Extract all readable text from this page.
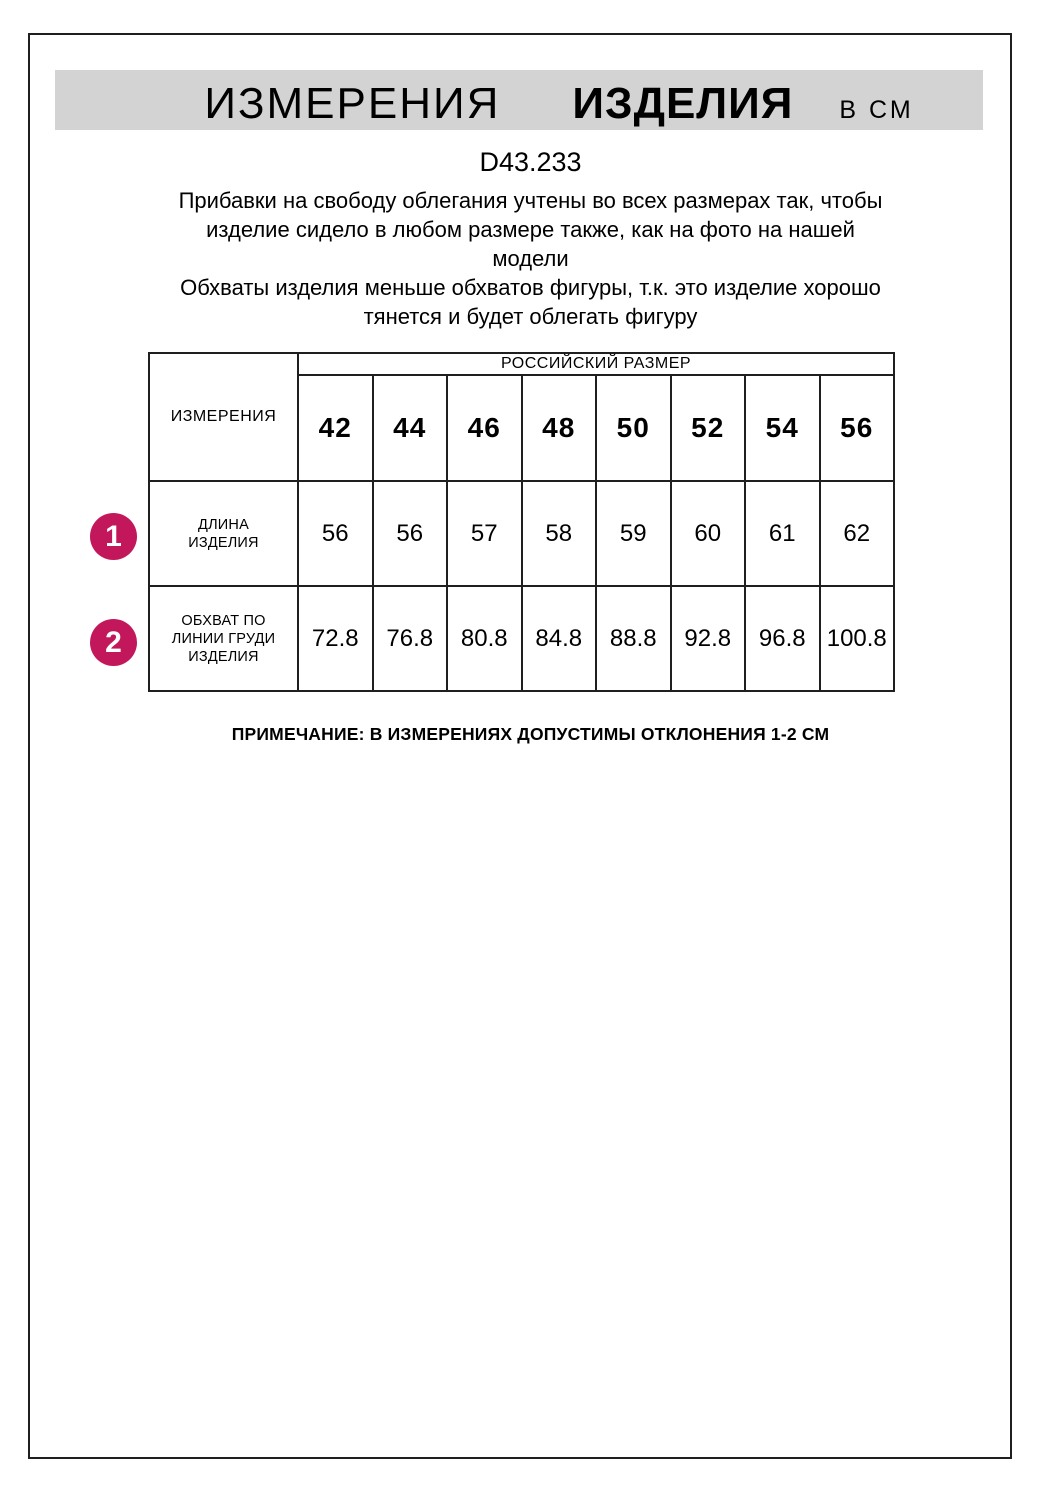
ИЗМЕРЕНИЯ ИЗДЕЛИЯ В СМ
D43.233
Прибавки на свободу облегания учтены во всех размерах так, чтобы
изделие сидело в любом размере также, как на фото на нашей
модели
Обхваты изделия меньше обхватов фигуры, т.к. это изделие хорошо
тянется и будет облегать фигуру
1
2
ИЗМЕРЕНИЯ	РОССИЙСКИЙ РАЗМЕР							
	42	44	46	48	50	52	54	56
ДЛИНА ИЗДЕЛИЯ	56	56	57	58	59	60	61	62
ОБХВАТ ПО ЛИНИИ ГРУДИ ИЗДЕЛИЯ	72.8	76.8	80.8	84.8	88.8	92.8	96.8	100.8
ПРИМЕЧАНИЕ: В ИЗМЕРЕНИЯХ ДОПУСТИМЫ ОТКЛОНЕНИЯ 1-2 СМ
